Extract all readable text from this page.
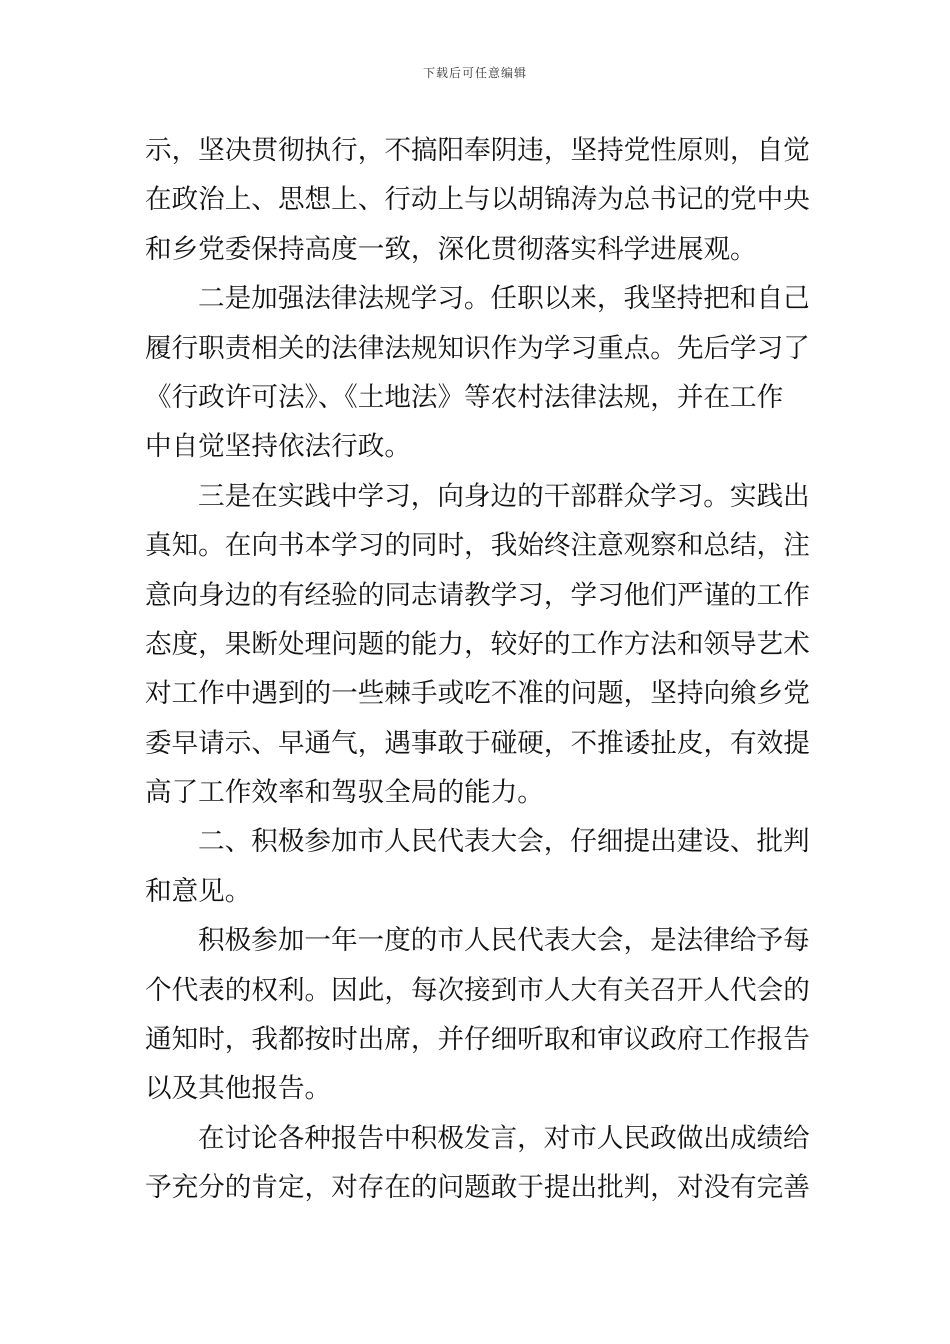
下载后可任意编辑
示，坚决贯彻执行，不搞阳奉阴违，坚持党性原则，自觉
在政治上、思想上、行动上与以胡锦涛为总书记的党中央
和乡党委保持高度一致，深化贯彻落实科学进展观。
二是加强法律法规学习。任职以来，我坚持把和自己
履行职责相关的法律法规知识作为学习重点。先后学习了
《行政许可法》、《土地法》等农村法律法规，并在工作
中自觉坚持依法行政。
三是在实践中学习，向身边的干部群众学习。实践出
真知。在向书本学习的同时，我始终注意观察和总结，注
意向身边的有经验的同志请教学习，学习他们严谨的工作
态度，果断处理问题的能力，较好的工作方法和领导艺术
对工作中遇到的一些棘手或吃不准的问题，坚持向飨乡党
委早请示、早通气，遇事敢于碰硬，不推诿扯皮，有效提
高了工作效率和驾驭全局的能力。
二、积极参加市人民代表大会，仔细提出建设、批判
和意见。
积极参加一年一度的市人民代表大会，是法律给予每
个代表的权利。因此，每次接到市人大有关召开人代会的
通知时，我都按时出席，并仔细听取和审议政府工作报告
以及其他报告。
在讨论各种报告中积极发言，对市人民政做出成绩给
予充分的肯定，对存在的问题敢于提出批判，对没有完善
